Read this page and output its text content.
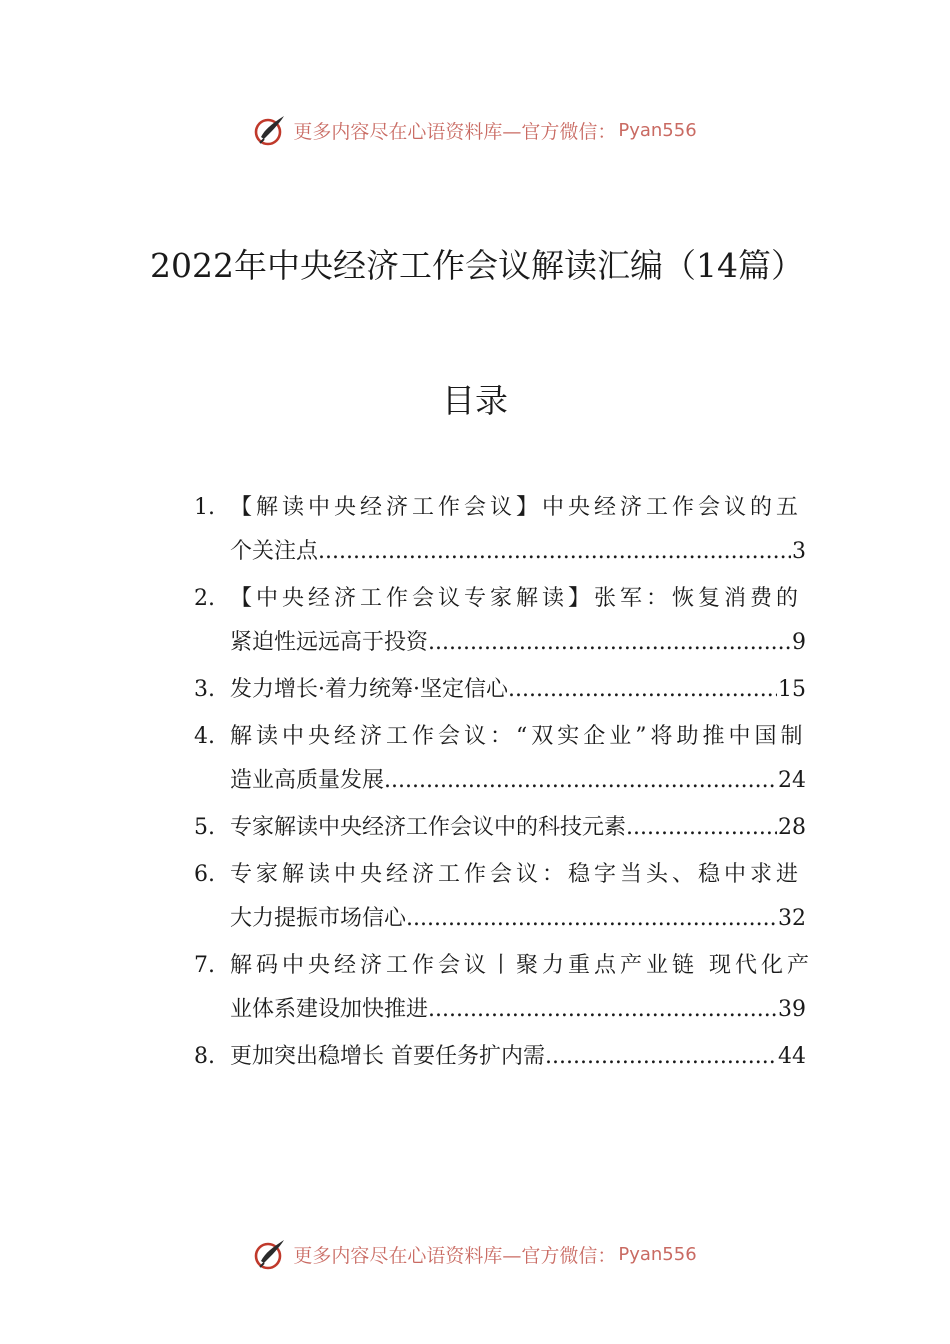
更多内容尽在心语资料库—官方微信： Pyan556
2022年中央经济工作会议解读汇编（14篇）
目录
1. 【解读中央经济工作会议】中央经济工作会议的五
个关注点 .....	3
2. 【中央经济工作会议专家解读】张军：恢复消费的
紧迫性远远高于投资 .....	9
3. 发力增长·着力统筹·坚定信心 .....	15
4. 解读中央经济工作会议：“双实企业”将助推中国制
造业高质量发展 .....	24
5. 专家解读中央经济工作会议中的科技元素 .....	28
6. 专家解读中央经济工作会议：稳字当头、稳中求进
大力提振市场信心 .....	32
7. 解码中央经济工作会议丨聚力重点产业链 现代化产
业体系建设加快推进 .....	39
8. 更加突出稳增长 首要任务扩内需 .....	44
更多内容尽在心语资料库—官方微信： Pyan556
